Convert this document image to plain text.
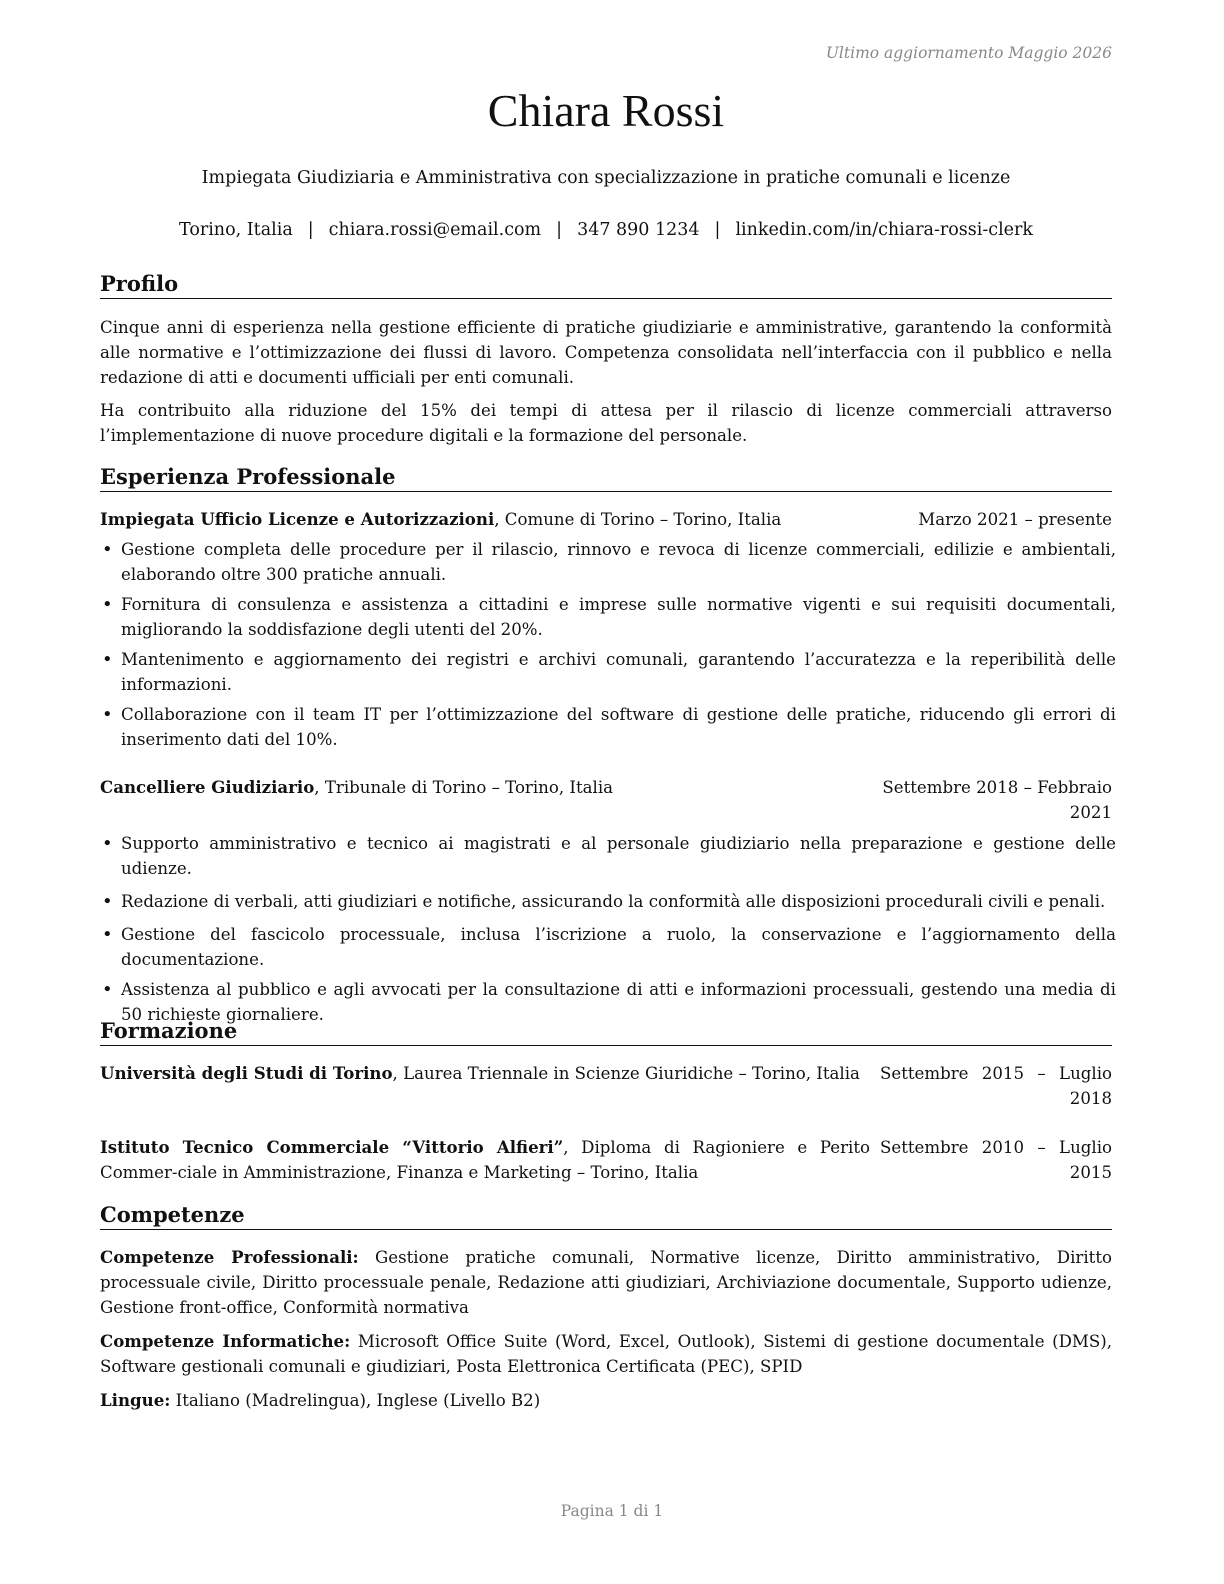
Ultimo aggiornamento Maggio 2026
Chiara Rossi
Impiegata Giudiziaria e Amministrativa con specializzazione in pratiche comunali e licenze
Torino, Italia | chiara.rossi@email.com | 347 890 1234 | linkedin.com/in/chiara-rossi-clerk
Profilo
Cinque anni di esperienza nella gestione efficiente di pratiche giudiziarie e amministrative, garantendo la conformità alle normative e l’ottimizzazione dei flussi di lavoro. Competenza consolidata nell’interfaccia con il pubblico e nella redazione di atti e documenti ufficiali per enti comunali.
Ha contribuito alla riduzione del 15% dei tempi di attesa per il rilascio di licenze commerciali attraverso l’implementazione di nuove procedure digitali e la formazione del personale.
Esperienza Professionale
Impiegata Ufficio Licenze e Autorizzazioni, Comune di Torino – Torino, Italia	Marzo 2021 – presente
• Gestione completa delle procedure per il rilascio, rinnovo e revoca di licenze commerciali, edilizie e ambientali, elaborando oltre 300 pratiche annuali.
• Fornitura di consulenza e assistenza a cittadini e imprese sulle normative vigenti e sui requisiti documentali, migliorando la soddisfazione degli utenti del 20%.
• Mantenimento e aggiornamento dei registri e archivi comunali, garantendo l’accuratezza e la reperibilità delle informazioni.
• Collaborazione con il team IT per l’ottimizzazione del software di gestione delle pratiche, riducendo gli errori di inserimento dati del 10%.
Cancelliere Giudiziario, Tribunale di Torino – Torino, Italia	Settembre 2018 – Febbraio 2021
• Supporto amministrativo e tecnico ai magistrati e al personale giudiziario nella preparazione e gestione delle udienze.
• Redazione di verbali, atti giudiziari e notifiche, assicurando la conformità alle disposizioni procedurali civili e penali.
• Gestione del fascicolo processuale, inclusa l’iscrizione a ruolo, la conservazione e l’aggiornamento della documentazione.
• Assistenza al pubblico e agli avvocati per la consultazione di atti e informazioni processuali, gestendo una media di 50 richieste giornaliere.
Formazione
Università degli Studi di Torino, Laurea Triennale in Scienze Giuridiche – Torino, Italia	Settembre 2015 – Luglio 2018
Istituto Tecnico Commerciale “Vittorio Alfieri”, Diploma di Ragioniere e Perito Commer-ciale in Amministrazione, Finanza e Marketing – Torino, Italia
Settembre 2010 – Luglio 2015
Competenze
Competenze Professionali: Gestione pratiche comunali, Normative licenze, Diritto amministrativo, Diritto processuale civile, Diritto processuale penale, Redazione atti giudiziari, Archiviazione documentale, Supporto udienze, Gestione front-office, Conformità normativa
Competenze Informatiche: Microsoft Office Suite (Word, Excel, Outlook), Sistemi di gestione documentale (DMS), Software gestionali comunali e giudiziari, Posta Elettronica Certificata (PEC), SPID
Lingue: Italiano (Madrelingua), Inglese (Livello B2)
Pagina 1 di 1
